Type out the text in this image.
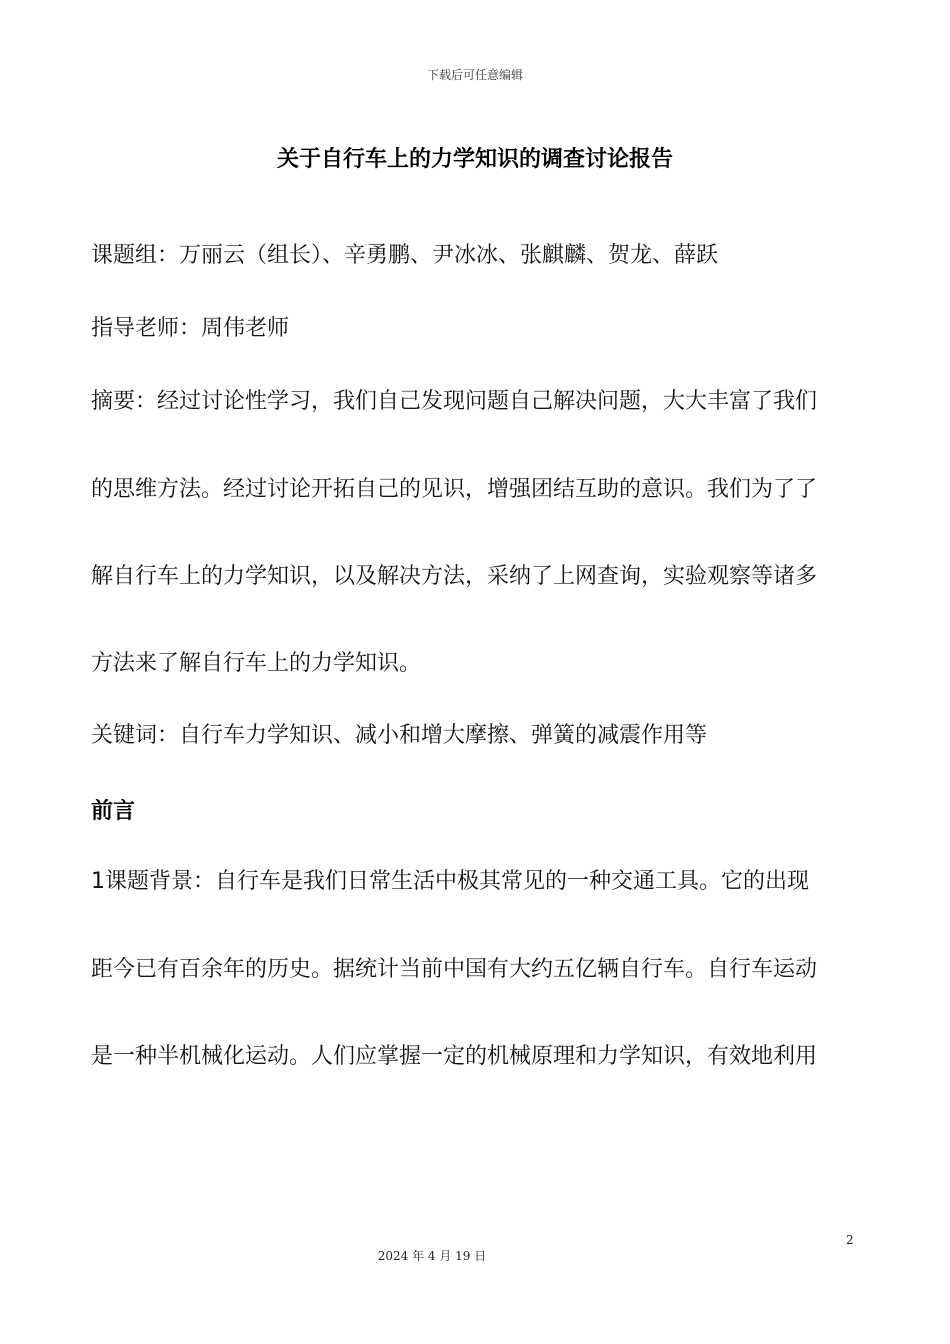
下载后可任意编辑
关于自行车上的力学知识的调查讨论报告
课题组：万丽云（组长）、辛勇鹏、尹冰冰、张麒麟、贺龙、薛跃
指导老师：周伟老师
摘要：经过讨论性学习，我们自己发现问题自己解决问题，大大丰富了我们
的思维方法。经过讨论开拓自己的见识，增强团结互助的意识。我们为了了
解自行车上的力学知识，以及解决方法，采纳了上网查询，实验观察等诸多
方法来了解自行车上的力学知识。
关键词：自行车力学知识、减小和增大摩擦、弹簧的减震作用等
前言
1课题背景：自行车是我们日常生活中极其常见的一种交通工具。它的出现
距今已有百余年的历史。据统计当前中国有大约五亿辆自行车。自行车运动
是一种半机械化运动。人们应掌握一定的机械原理和力学知识，有效地利用
2
2024 年 4 月 19 日
